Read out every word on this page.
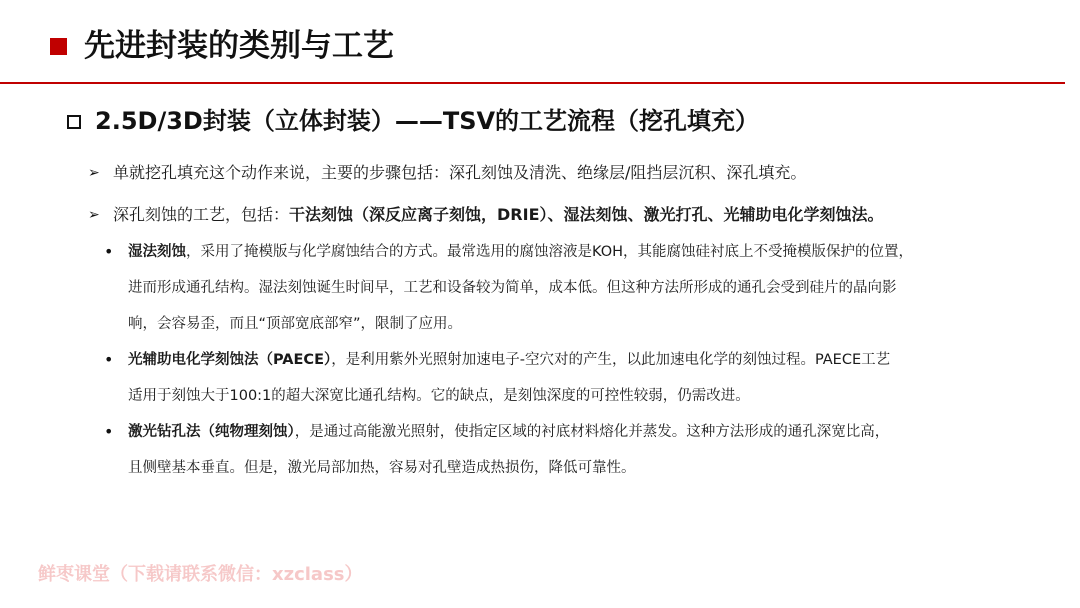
先进封装的类别与工艺
2.5D/3D封装（立体封装）——TSV的工艺流程（挖孔填充）
➢ 单就挖孔填充这个动作来说，主要的步骤包括：深孔刻蚀及清洗、绝缘层/阻挡层沉积、深孔填充。
➢ 深孔刻蚀的工艺，包括：干法刻蚀（深反应离子刻蚀，DRIE）、湿法刻蚀、激光打孔、光辅助电化学刻蚀法。
• 湿法刻蚀，采用了掩模版与化学腐蚀结合的方式。最常选用的腐蚀溶液是KOH，其能腐蚀硅衬底上不受掩模版保护的位置，
进而形成通孔结构。湿法刻蚀诞生时间早，工艺和设备较为简单，成本低。但这种方法所形成的通孔会受到硅片的晶向影
响，会容易歪，而且“顶部宽底部窄”，限制了应用。
• 光辅助电化学刻蚀法（PAECE），是利用紫外光照射加速电子-空穴对的产生，以此加速电化学的刻蚀过程。PAECE工艺
适用于刻蚀大于100:1的超大深宽比通孔结构。它的缺点，是刻蚀深度的可控性较弱，仍需改进。
• 激光钻孔法（纯物理刻蚀），是通过高能激光照射，使指定区域的衬底材料熔化并蒸发。这种方法形成的通孔深宽比高，
且侧壁基本垂直。但是，激光局部加热，容易对孔壁造成热损伤，降低可靠性。
鲜枣课堂（下载请联系微信：xzclass）
